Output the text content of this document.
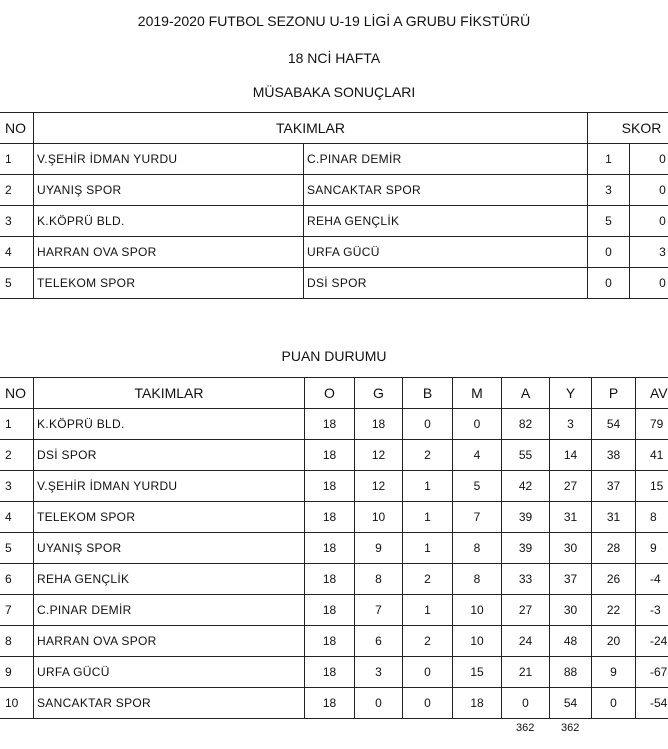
2019-2020 FUTBOL SEZONU U-19 LİGİ A GRUBU FİKSTÜRÜ
18 NCİ HAFTA
MÜSABAKA SONUÇLARI
NO	TAKIMLAR		SKOR	
1	V.ŞEHİR İDMAN YURDU	C.PINAR DEMİR	1	0
2	UYANIŞ SPOR	SANCAKTAR SPOR	3	0
3	K.KÖPRÜ BLD.	REHA GENÇLİK	5	0
4	HARRAN OVA SPOR	URFA GÜCÜ	0	3
5	TELEKOM SPOR	DSİ SPOR	0	0
PUAN DURUMU
NO	TAKIMLAR	O	G	B	M	A	Y	P	AV
1	K.KÖPRÜ BLD.	18	18	0	0	82	3	54	79
2	DSİ SPOR	18	12	2	4	55	14	38	41
3	V.ŞEHİR İDMAN YURDU	18	12	1	5	42	27	37	15
4	TELEKOM SPOR	18	10	1	7	39	31	31	8
5	UYANIŞ SPOR	18	9	1	8	39	30	28	9
6	REHA GENÇLİK	18	8	2	8	33	37	26	-4
7	C.PINAR DEMİR	18	7	1	10	27	30	22	-3
8	HARRAN OVA SPOR	18	6	2	10	24	48	20	-24
9	URFA GÜCÜ	18	3	0	15	21	88	9	-67
10	SANCAKTAR SPOR	18	0	0	18	0	54	0	-54
362 362
